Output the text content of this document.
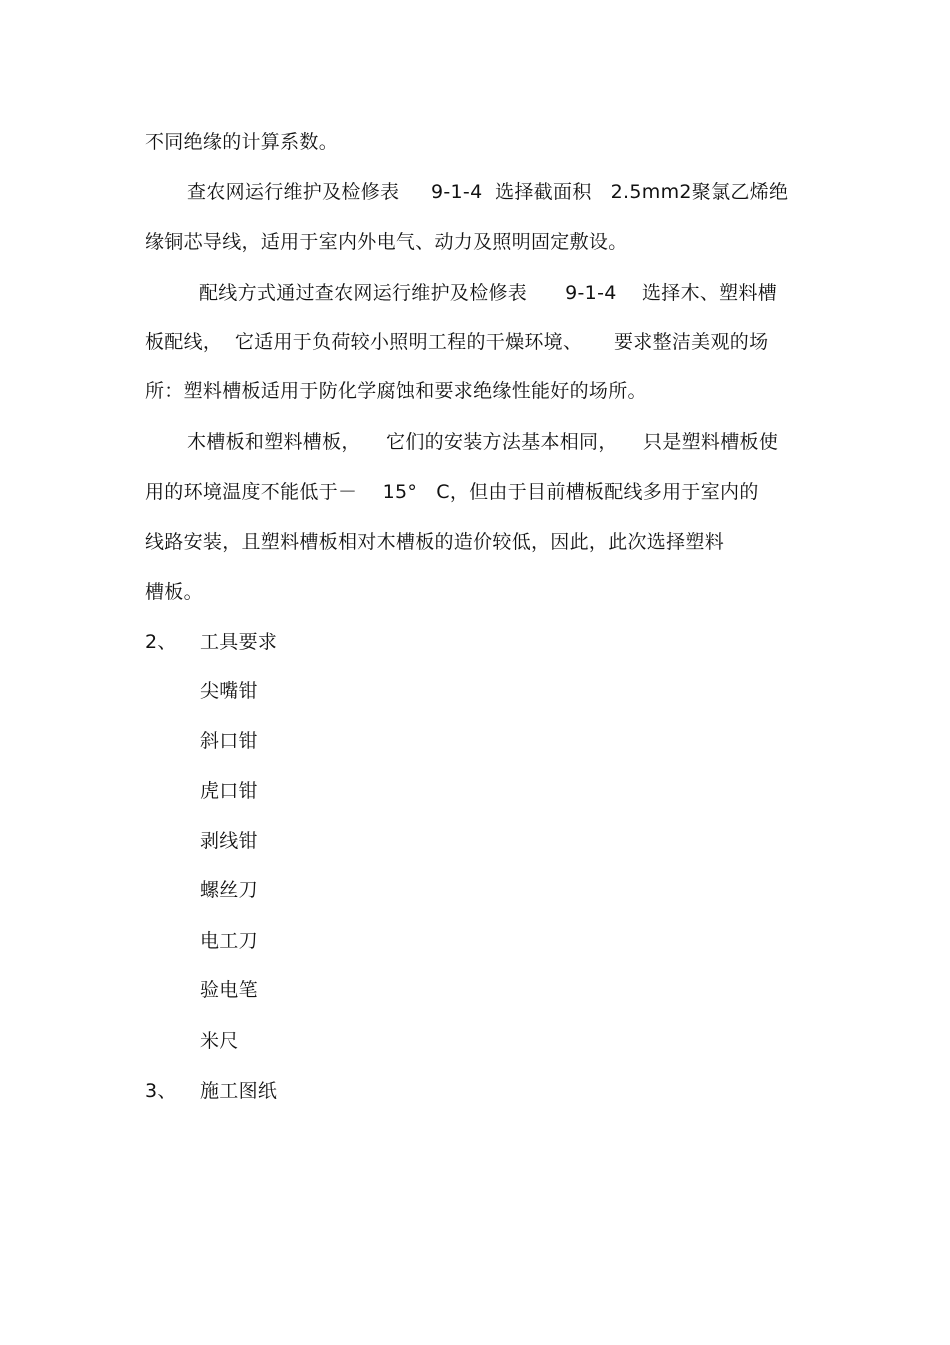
不同绝缘的计算系数。
查农网运行维护及检修表     9-1-4  选择截面积   2.5mm2聚氯乙烯绝
缘铜芯导线，适用于室内外电气、动力及照明固定敷设。
配线方式通过查农网运行维护及检修表      9-1-4    选择木、塑料槽
板配线，  它适用于负荷较小照明工程的干燥环境、     要求整洁美观的场
所：塑料槽板适用于防化学腐蚀和要求绝缘性能好的场所。
木槽板和塑料槽板，    它们的安装方法基本相同，    只是塑料槽板使
用的环境温度不能低于－    15°   C，但由于目前槽板配线多用于室内的
线路安装，且塑料槽板相对木槽板的造价较低，因此，此次选择塑料
槽板。
2、 工具要求
尖嘴钳
斜口钳
虎口钳
剥线钳
螺丝刀
电工刀
验电笔
米尺
3、 施工图纸
